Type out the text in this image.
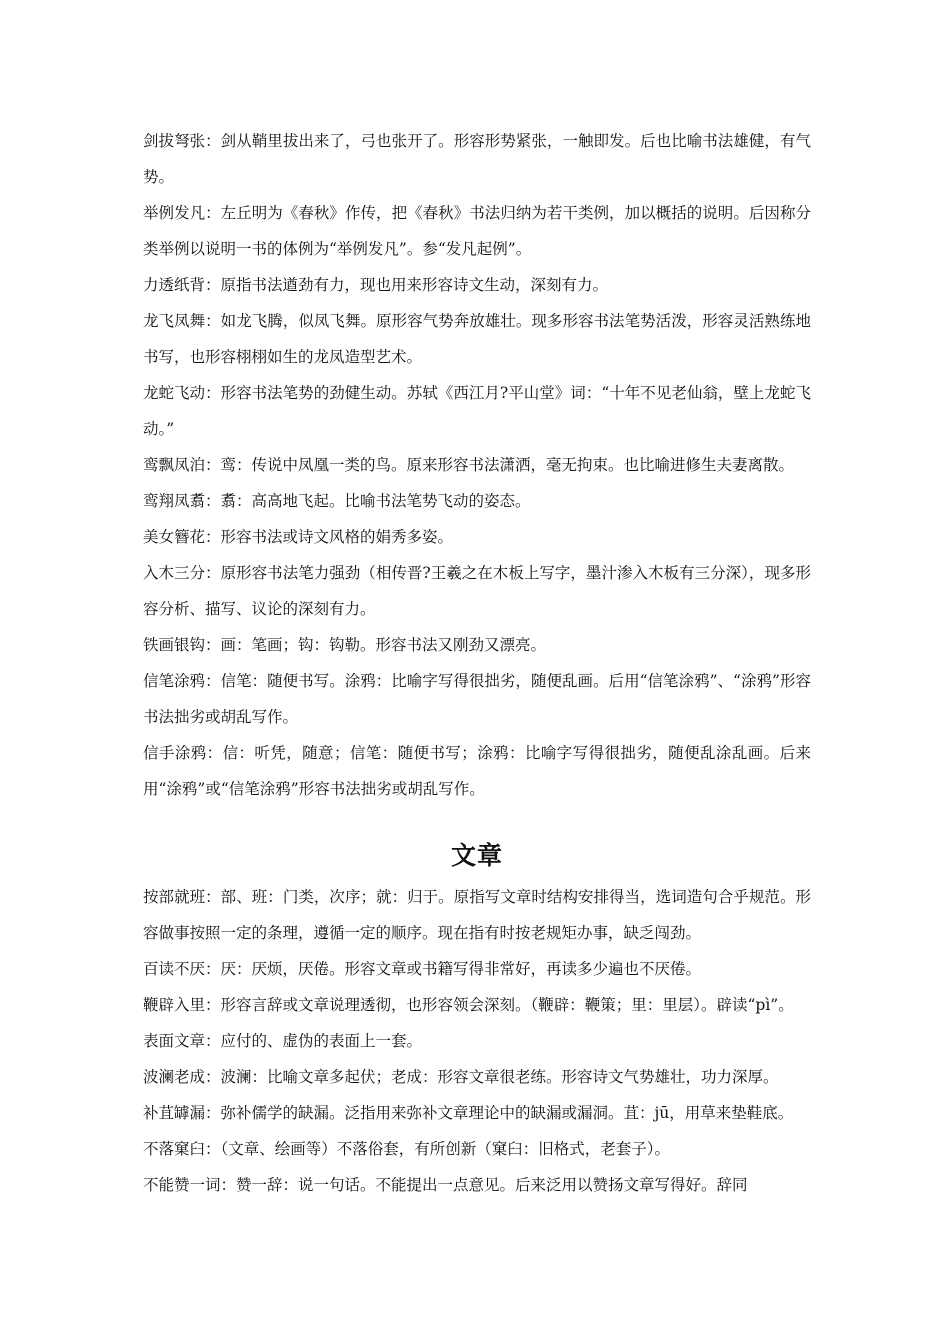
剑拔弩张：剑从鞘里拔出来了，弓也张开了。形容形势紧张，一触即发。后也比喻书法雄健，有气势。

举例发凡：左丘明为《春秋》作传，把《春秋》书法归纳为若干类例，加以概括的说明。后因称分类举例以说明一书的体例为“举例发凡”。参“发凡起例”。

力透纸背：原指书法遒劲有力，现也用来形容诗文生动，深刻有力。

龙飞凤舞：如龙飞腾，似凤飞舞。原形容气势奔放雄壮。现多形容书法笔势活泼，形容灵活熟练地书写，也形容栩栩如生的龙凤造型艺术。

龙蛇飞动：形容书法笔势的劲健生动。苏轼《西江月?平山堂》词：“十年不见老仙翁，壁上龙蛇飞动。”

鸾飘凤泊：鸾：传说中凤凰一类的鸟。原来形容书法潇洒，毫无拘束。也比喻进修生夫妻离散。

鸾翔凤翥：翥：高高地飞起。比喻书法笔势飞动的姿态。

美女簪花：形容书法或诗文风格的娟秀多姿。

入木三分：原形容书法笔力强劲（相传晋?王羲之在木板上写字，墨汁渗入木板有三分深），现多形容分析、描写、议论的深刻有力。

铁画银钩：画：笔画；钩：钩勒。形容书法又刚劲又漂亮。

信笔涂鸦：信笔：随便书写。涂鸦：比喻字写得很拙劣，随便乱画。后用“信笔涂鸦”、“涂鸦”形容书法拙劣或胡乱写作。

信手涂鸦：信：听凭，随意；信笔：随便书写；涂鸦：比喻字写得很拙劣，随便乱涂乱画。后来用“涂鸦”或“信笔涂鸦”形容书法拙劣或胡乱写作。

文章

按部就班：部、班：门类，次序；就：归于。原指写文章时结构安排得当，选词造句合乎规范。形容做事按照一定的条理，遵循一定的顺序。现在指有时按老规矩办事，缺乏闯劲。

百读不厌：厌：厌烦，厌倦。形容文章或书籍写得非常好，再读多少遍也不厌倦。

鞭辟入里：形容言辞或文章说理透彻，也形容领会深刻。（鞭辟：鞭策；里：里层）。辟读“pì”。

表面文章：应付的、虚伪的表面上一套。

波澜老成：波澜：比喻文章多起伏；老成：形容文章很老练。形容诗文气势雄壮，功力深厚。

补苴罅漏：弥补儒学的缺漏。泛指用来弥补文章理论中的缺漏或漏洞。苴：jū，用草来垫鞋底。

不落窠臼：（文章、绘画等）不落俗套，有所创新（窠臼：旧格式，老套子）。

不能赞一词：赞一辞：说一句话。不能提出一点意见。后来泛用以赞扬文章写得好。辞同
